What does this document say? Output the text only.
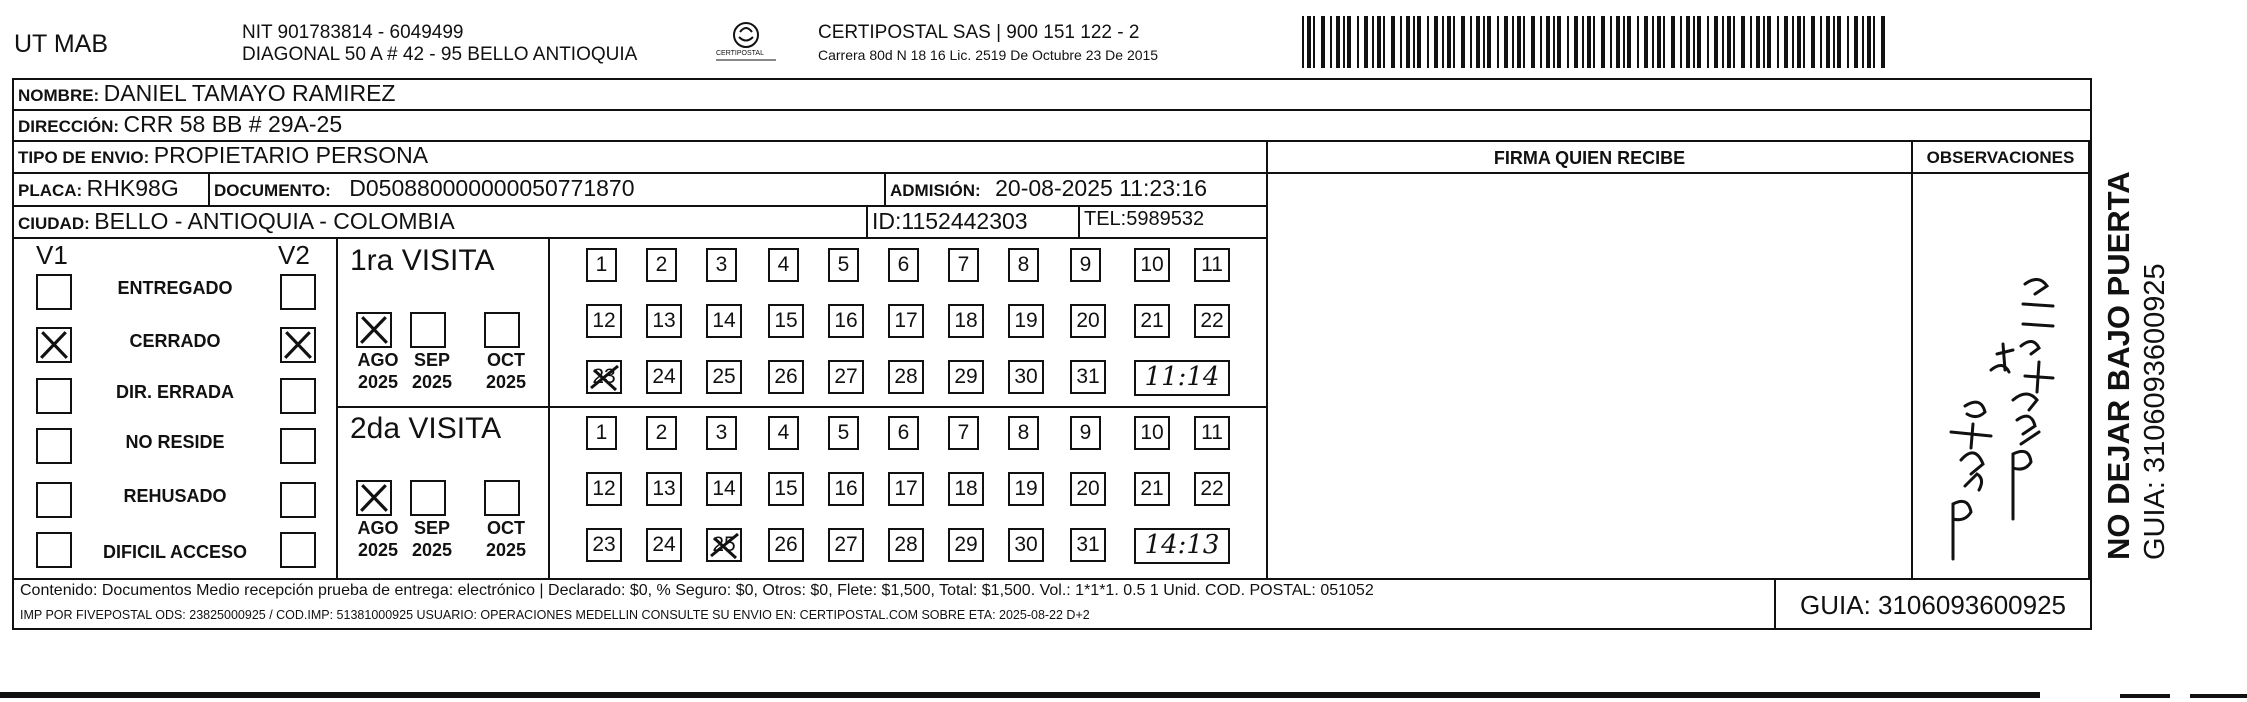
UT MAB	NIT 901783814 - 6049499
DIAGONAL 50 A # 42 - 95 BELLO ANTIOQUIA	CERTIPOSTAL
CERTIPOSTAL SAS | 900 151 122 - 2
Carrera 80d N 18 16 Lic. 2519 De Octubre 23 De 2015
NOMBRE: DANIEL TAMAYO RAMIREZ
DIRECCIÓN: CRR 58 BB # 29A-25
TIPO DE ENVIO: PROPIETARIO PERSONA	FIRMA QUIEN RECIBE	OBSERVACIONES
PLACA: RHK98G DOCUMENTO: D050880000000050771870	ADMISIÓN: 20-08-2025 11:23:16
CIUDAD: BELLO - ANTIOQUIA - COLOMBIA	ID:1152442303	TEL:5989532
V1	V2
ENTREGADO
CERRADO
DIR. ERRADA
NO RESIDE
REHUSADO
DIFICIL ACCESO
1ra VISITA
AGO
2025
SEP
2025
OCT
2025
1	2	3	4	5	6	7	8	9	10	11
12	13	14	15	16	17	18	19	20	21	22
23	24	25	26	27	28	29	30	31	11:14
2da VISITA
AGO
2025
SEP
2025
OCT
2025
1	2	3	4	5	6	7	8	9	10	11
12	13	14	15	16	17	18	19	20	21	22
23	24	25	26	27	28	29	30	31	14:13
Contenido: Documentos Medio recepción prueba de entrega: electrónico | Declarado: $0, % Seguro: $0, Otros: $0, Flete: $1,500, Total: $1,500. Vol.: 1*1*1. 0.5 1 Unid. COD. POSTAL: 051052
IMP POR FIVEPOSTAL ODS: 23825000925 / COD.IMP: 51381000925 USUARIO: OPERACIONES MEDELLIN CONSULTE SU ENVIO EN: CERTIPOSTAL.COM SOBRE ETA: 2025-08-22 D+2	GUIA: 3106093600925
NO DEJAR BAJO PUERTA GUIA: 3106093600925
